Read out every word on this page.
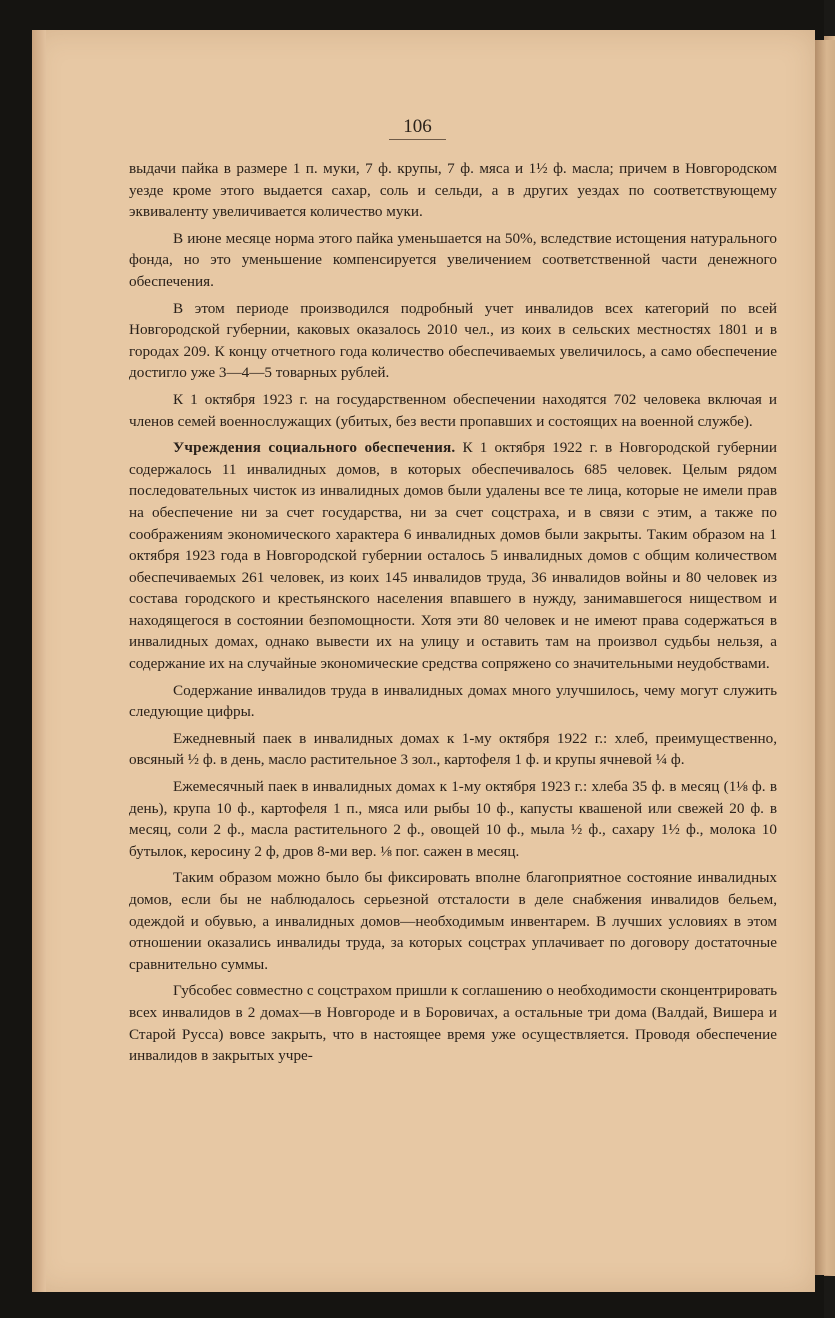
106

выдачи пайка в размере 1 п. муки, 7 ф. крупы, 7 ф. мяса и 1½ ф. масла; причем в Новгородском уезде кроме этого выдается сахар, соль и сельди, а в других уездах по соответствующему эквиваленту увеличивается количество муки.

В июне месяце норма этого пайка уменьшается на 50%, вследствие истощения натурального фонда, но это уменьшение компенсируется увеличением соответственной части денежного обеспечения.

В этом периоде производился подробный учет инвалидов всех категорий по всей Новгородской губернии, каковых оказалось 2010 чел., из коих в сельских местностях 1801 и в городах 209. К концу отчетного года количество обеспечиваемых увеличилось, а само обеспечение достигло уже 3—4—5 товарных рублей.

К 1 октября 1923 г. на государственном обеспечении находятся 702 человека включая и членов семей военнослужащих (убитых, без вести пропавших и состоящих на военной службе).

Учреждения социального обеспечения. К 1 октября 1922 г. в Новгородской губернии содержалось 11 инвалидных домов, в которых обеспечивалось 685 человек. Целым рядом последовательных чисток из инвалидных домов были удалены все те лица, которые не имели прав на обеспечение ни за счет государства, ни за счет соцстраха, и в связи с этим, а также по соображениям экономического характера 6 инвалидных домов были закрыты. Таким образом на 1 октября 1923 года в Новгородской губернии осталось 5 инвалидных домов с общим количеством обеспечиваемых 261 человек, из коих 145 инвалидов труда, 36 инвалидов войны и 80 человек из состава городского и крестьянского населения впавшего в нужду, занимавшегося ниществом и находящегося в состоянии безпомощности. Хотя эти 80 человек и не имеют права содержаться в инвалидных домах, однако вывести их на улицу и оставить там на произвол судьбы нельзя, а содержание их на случайные экономические средства сопряжено со значительными неудобствами.

Содержание инвалидов труда в инвалидных домах много улучшилось, чему могут служить следующие цифры.

Ежедневный паек в инвалидных домах к 1-му октября 1922 г.: хлеб, преимущественно, овсяный ½ ф. в день, масло растительное 3 зол., картофеля 1 ф. и крупы ячневой ¼ ф.

Ежемесячный паек в инвалидных домах к 1-му октября 1923 г.: хлеба 35 ф. в месяц (1⅛ ф. в день), крупа 10 ф., картофеля 1 п., мяса или рыбы 10 ф., капусты квашеной или свежей 20 ф. в месяц, соли 2 ф., масла растительного 2 ф., овощей 10 ф., мыла ½ ф., сахару 1½ ф., молока 10 бутылок, керосину 2 ф, дров 8-ми вер. ⅛ пог. сажен в месяц.

Таким образом можно было бы фиксировать вполне благоприятное состояние инвалидных домов, если бы не наблюдалось серьезной отсталости в деле снабжения инвалидов бельем, одеждой и обувью, а инвалидных домов—необходимым инвентарем. В лучших условиях в этом отношении оказались инвалиды труда, за которых соцстрах уплачивает по договору достаточные сравнительно суммы.

Губсобес совместно с соцстрахом пришли к соглашению о необходимости сконцентрировать всех инвалидов в 2 домах—в Новгороде и в Боровичах, а остальные три дома (Валдай, Вишера и Старой Русса) вовсе закрыть, что в настоящее время уже осуществляется. Проводя обеспечение инвалидов в закрытых учре-
